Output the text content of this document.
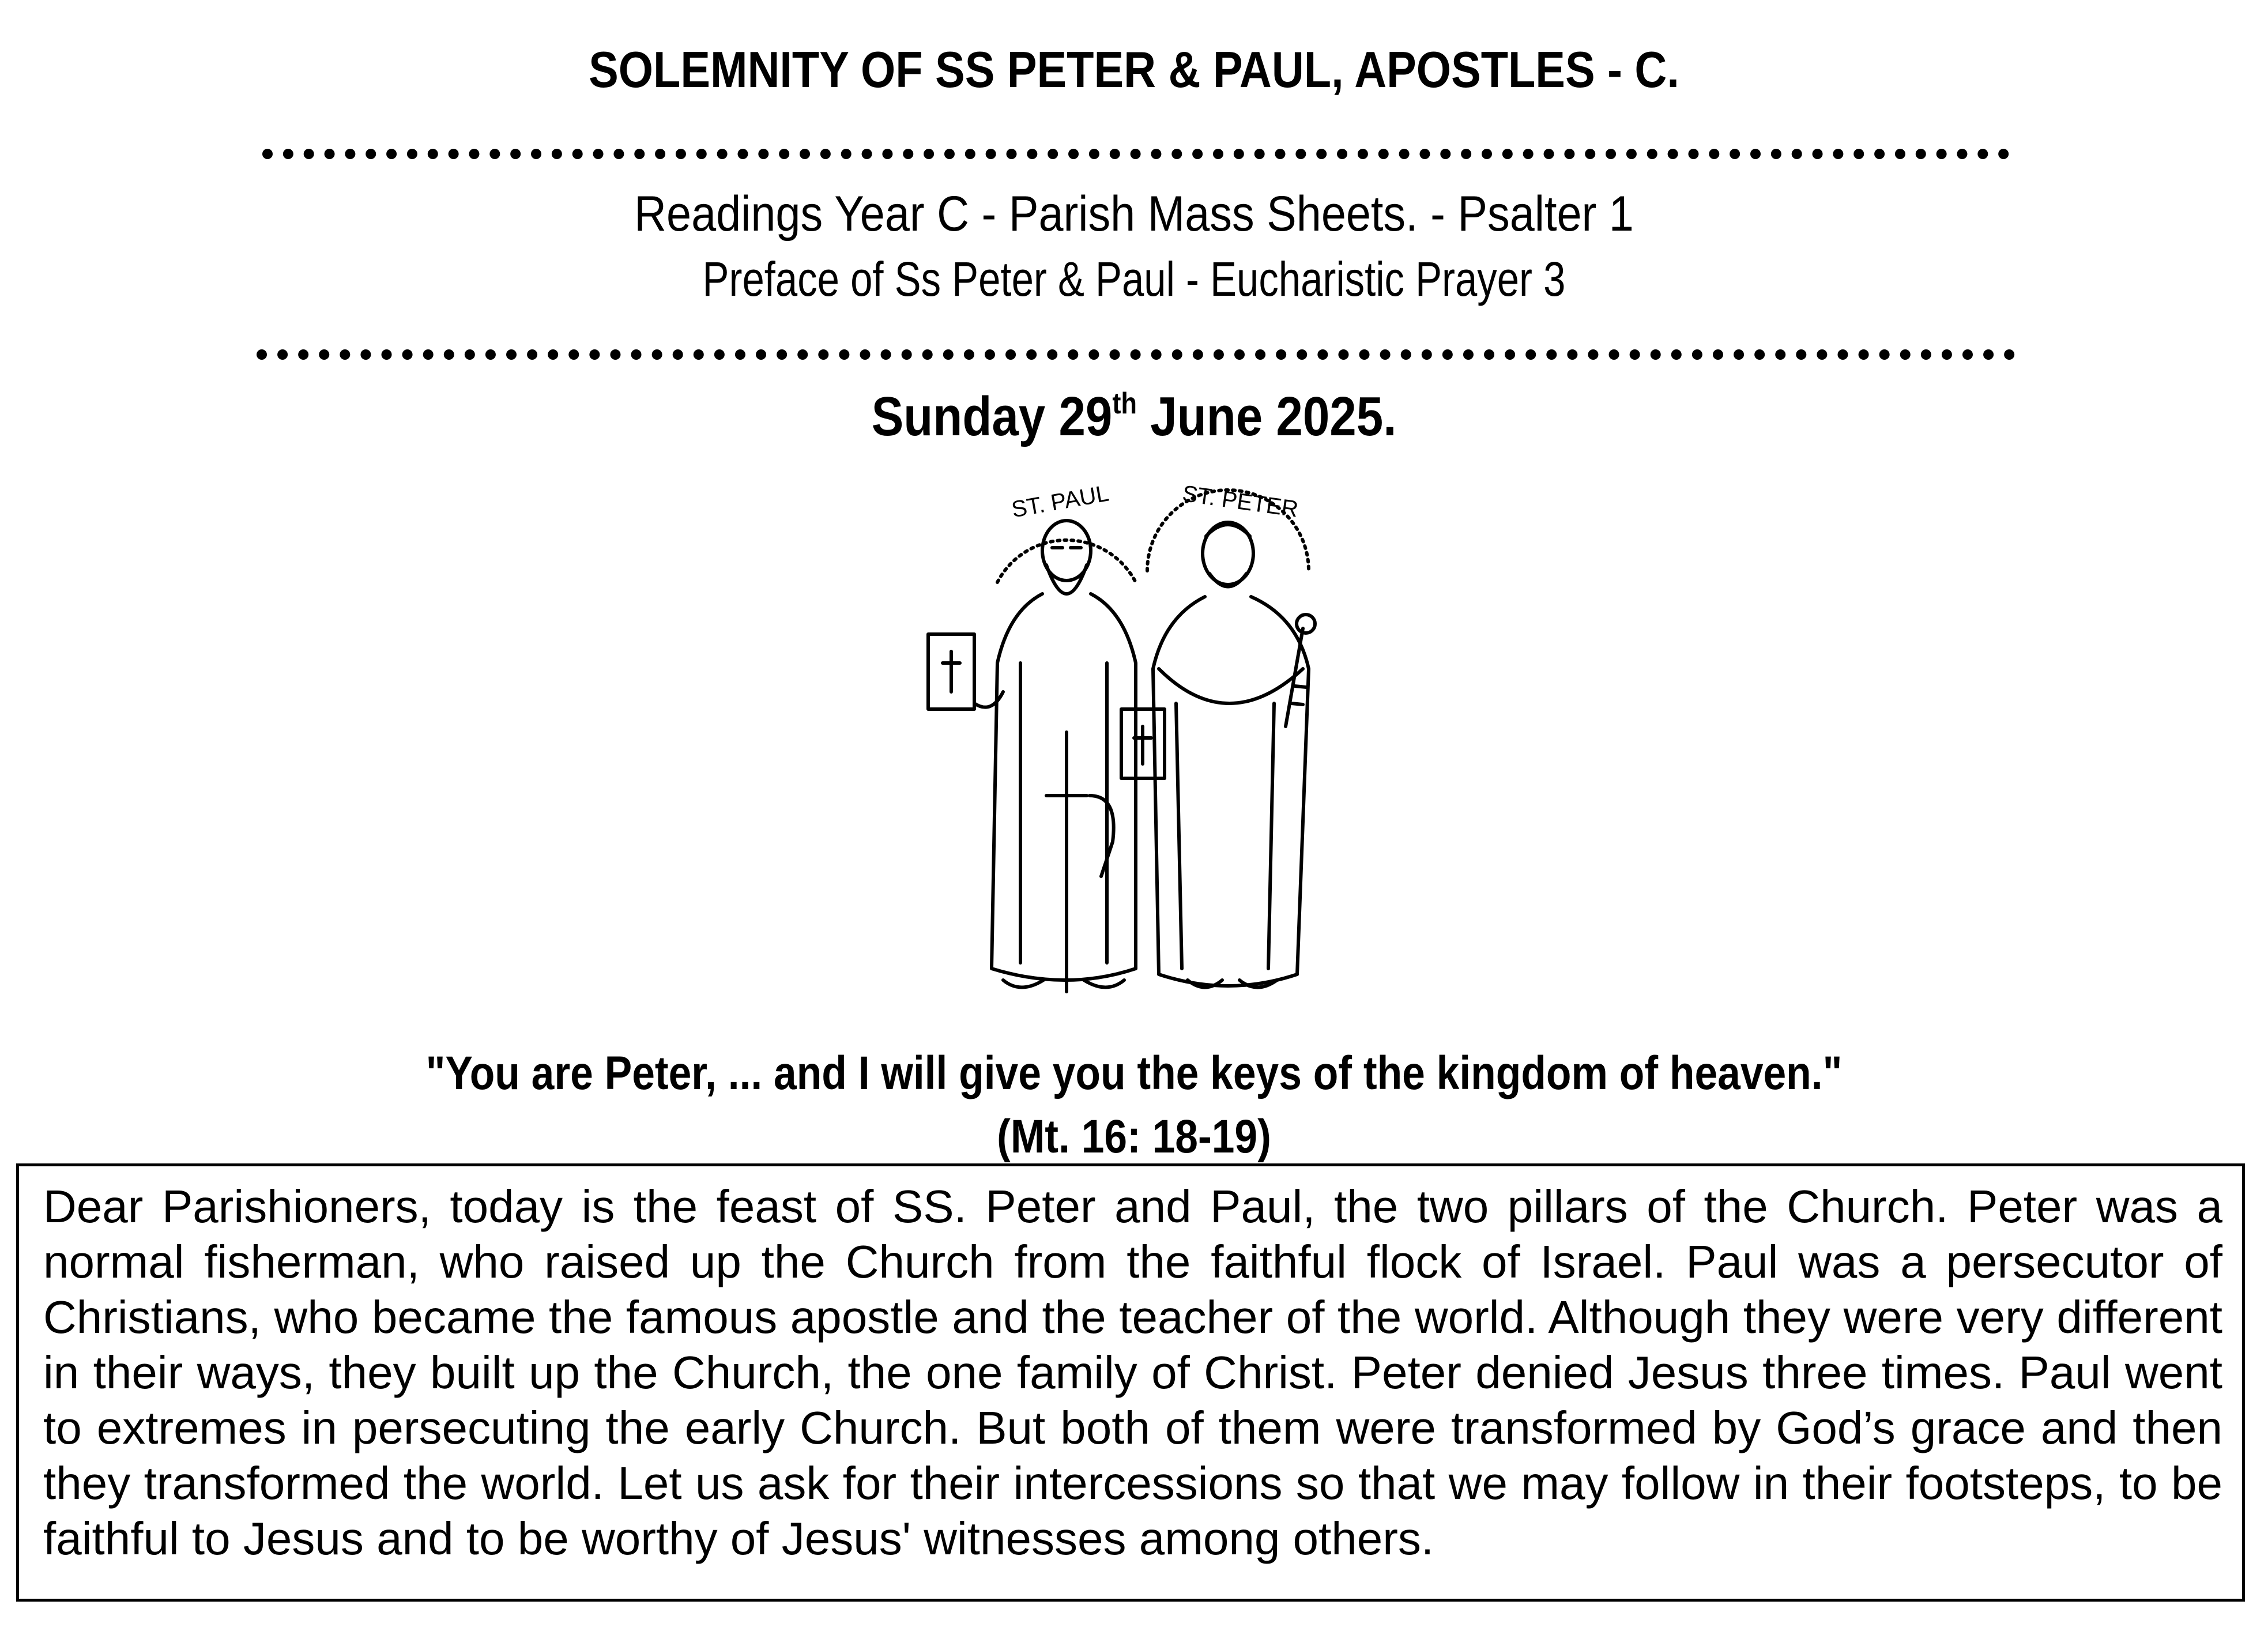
SOLEMNITY OF SS PETER & PAUL, APOSTLES - C.
Readings Year C - Parish Mass Sheets. - Psalter 1
Preface of Ss Peter & Paul - Eucharistic Prayer 3
Sunday 29th June 2025.
ST. PAUL	ST. PETER
"You are Peter, ... and I will give you the keys of the kingdom of heaven."
(Mt. 16: 18-19)

Dear Parishioners, today is the feast of SS. Peter and Paul, the two pillars of the Church. Peter was a normal fisherman, who raised up the Church from the faithful flock of Israel. Paul was a persecutor of Christians, who became the famous apostle and the teacher of the world. Although they were very different in their ways, they built up the Church, the one family of Christ. Peter denied Jesus three times. Paul went to extremes in persecuting the early Church. But both of them were transformed by God’s grace and then they transformed the world. Let us ask for their intercessions so that we may follow in their footsteps, to be faithful to Jesus and to be worthy of Jesus' witnesses among others.
